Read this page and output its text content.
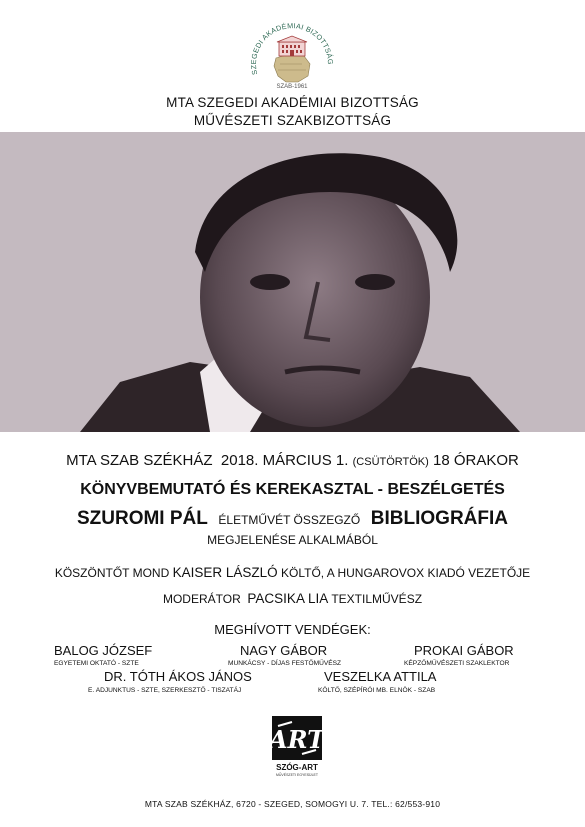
SZEGEDI AKADÉMIAI BIZOTTSÁG
SZAB-1961
MTA SZEGEDI AKADÉMIAI BIZOTTSÁG
MŰVÉSZETI SZAKBIZOTTSÁG
MTA SZAB SZÉKHÁZ 2018. MÁRCIUS 1. (CSÜTÖRTÖK) 18 ÓRAKOR
KÖNYVBEMUTATÓ ÉS KEREKASZTAL - BESZÉLGETÉS
SZUROMI PÁL ÉLETMŰVÉT ÖSSZEGZŐ BIBLIOGRÁFIA
MEGJELENÉSE ALKALMÁBÓL
KÖSZÖNTŐT MOND KAISER LÁSZLÓ KÖLTŐ, A HUNGAROVOX KIADÓ VEZETŐJE
MODERÁTOR PACSIKA LIA TEXTILMŰVÉSZ
MEGHÍVOTT VENDÉGEK:
BALOG JÓZSEF
EGYETEMI OKTATÓ - SZTE
NAGY GÁBOR
MUNKÁCSY - DÍJAS FESTŐMŰVÉSZ
PROKAI GÁBOR
KÉPZŐMŰVÉSZETI SZAKLEKTOR
DR. TÓTH ÁKOS JÁNOS
E. ADJUNKTUS - SZTE, SZERKESZTŐ - TISZATÁJ
VESZELKA ATTILA
KÖLTŐ, SZÉPÍRÓI MB. ELNÖK - SZAB
ART
SZÓG-ART
MŰVÉSZETI EGYESÜLET
MTA SZAB SZÉKHÁZ, 6720 - SZEGED, SOMOGYI U. 7. TEL.: 62/553-910
